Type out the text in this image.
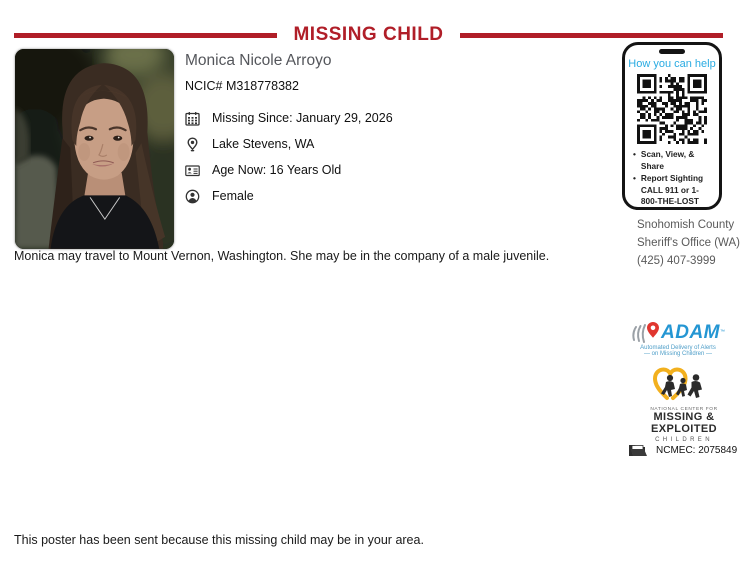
MISSING CHILD
Monica Nicole Arroyo
NCIC# M318778382
Missing Since: January 29, 2026
Lake Stevens, WA
Age Now: 16 Years Old
Female
Monica may travel to Mount Vernon, Washington. She may be in the company of a male juvenile.
How you can help
• Scan, View, & Share
• Report Sighting CALL 911 or 1-800-THE-LOST
Snohomish County
Sheriff's Office (WA)
(425) 407-3999
ADAM ™
Automated Delivery of Alerts
— on Missing Children —
NATIONAL CENTER FOR
MISSING &
EXPLOITED
CHILDREN
NCMEC: 2075849
This poster has been sent because this missing child may be in your area.
